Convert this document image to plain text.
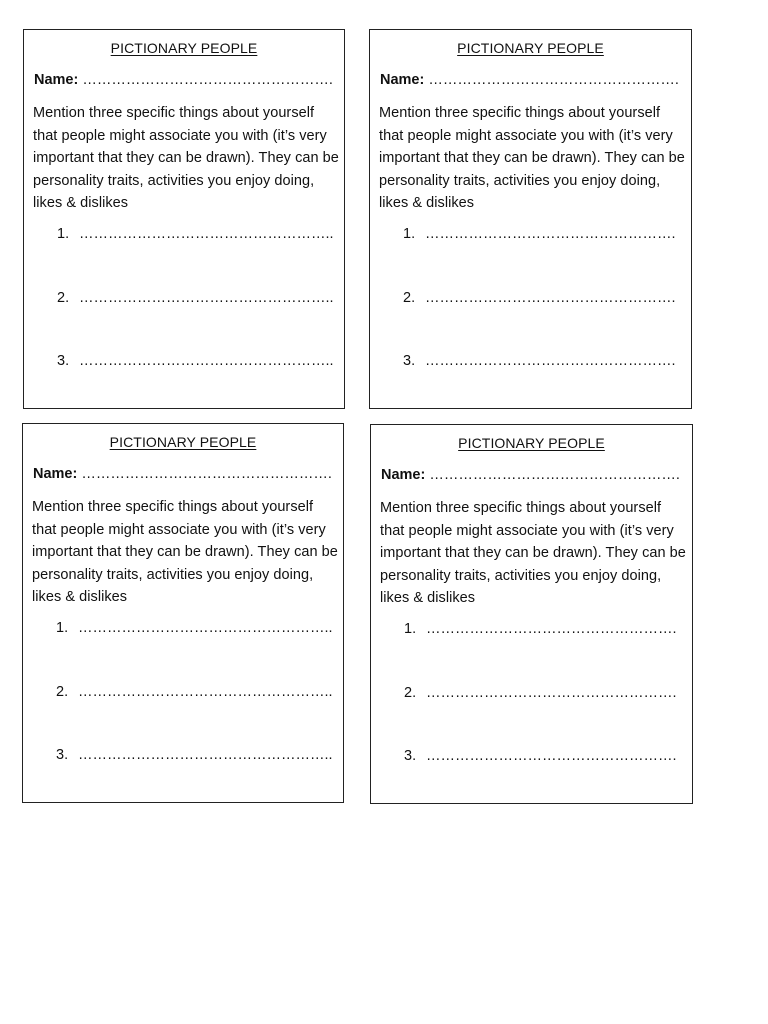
PICTIONARY PEOPLE
Name: …………………………………………….
Mention three specific things about yourself that people might associate you with (it’s very important that they can be drawn). They can be personality traits, activities you enjoy doing, likes & dislikes
1. ……………………………………………..
2. ……………………………………………..
3. ……………………………………………..
PICTIONARY PEOPLE
Name: …………………………………………….
Mention three specific things about yourself that people might associate you with (it’s very important that they can be drawn). They can be personality traits, activities you enjoy doing, likes & dislikes
1. …………………………………………….
2. …………………………………………….
3. …………………………………………….
PICTIONARY PEOPLE
Name: …………………………………………….
Mention three specific things about yourself that people might associate you with (it’s very important that they can be drawn). They can be personality traits, activities you enjoy doing, likes & dislikes
1. ……………………………………………..
2. ……………………………………………..
3. ……………………………………………..
PICTIONARY PEOPLE
Name: …………………………………………….
Mention three specific things about yourself that people might associate you with (it’s very important that they can be drawn). They can be personality traits, activities you enjoy doing, likes & dislikes
1. …………………………………………….
2. …………………………………………….
3. …………………………………………….
